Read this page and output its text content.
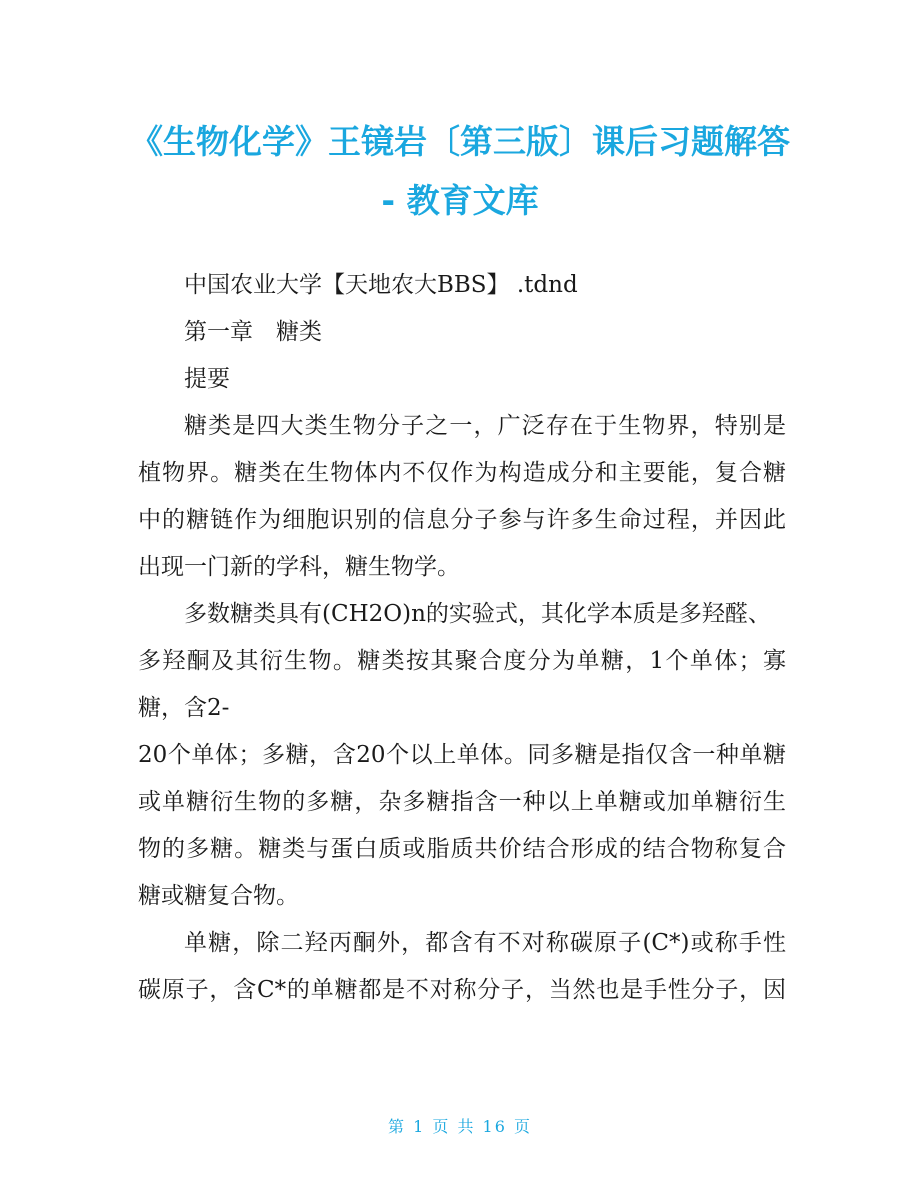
《生物化学》王镜岩〔第三版〕课后习题解答
- 教育文库
中国农业大学【天地农大BBS】 .tdnd
第一章　糖类
提要
糖类是四大类生物分子之一，广泛存在于生物界，特别是
植物界。糖类在生物体内不仅作为构造成分和主要能，复合糖
中的糖链作为细胞识别的信息分子参与许多生命过程，并因此
出现一门新的学科，糖生物学。
多数糖类具有(CH2O)n的实验式，其化学本质是多羟醛、
多羟酮及其衍生物。糖类按其聚合度分为单糖，1个单体；寡
糖，含2-
20个单体；多糖，含20个以上单体。同多糖是指仅含一种单糖
或单糖衍生物的多糖，杂多糖指含一种以上单糖或加单糖衍生
物的多糖。糖类与蛋白质或脂质共价结合形成的结合物称复合
糖或糖复合物。
单糖，除二羟丙酮外，都含有不对称碳原子(C*)或称手性
碳原子，含C*的单糖都是不对称分子，当然也是手性分子，因
第 1 页 共 16 页
